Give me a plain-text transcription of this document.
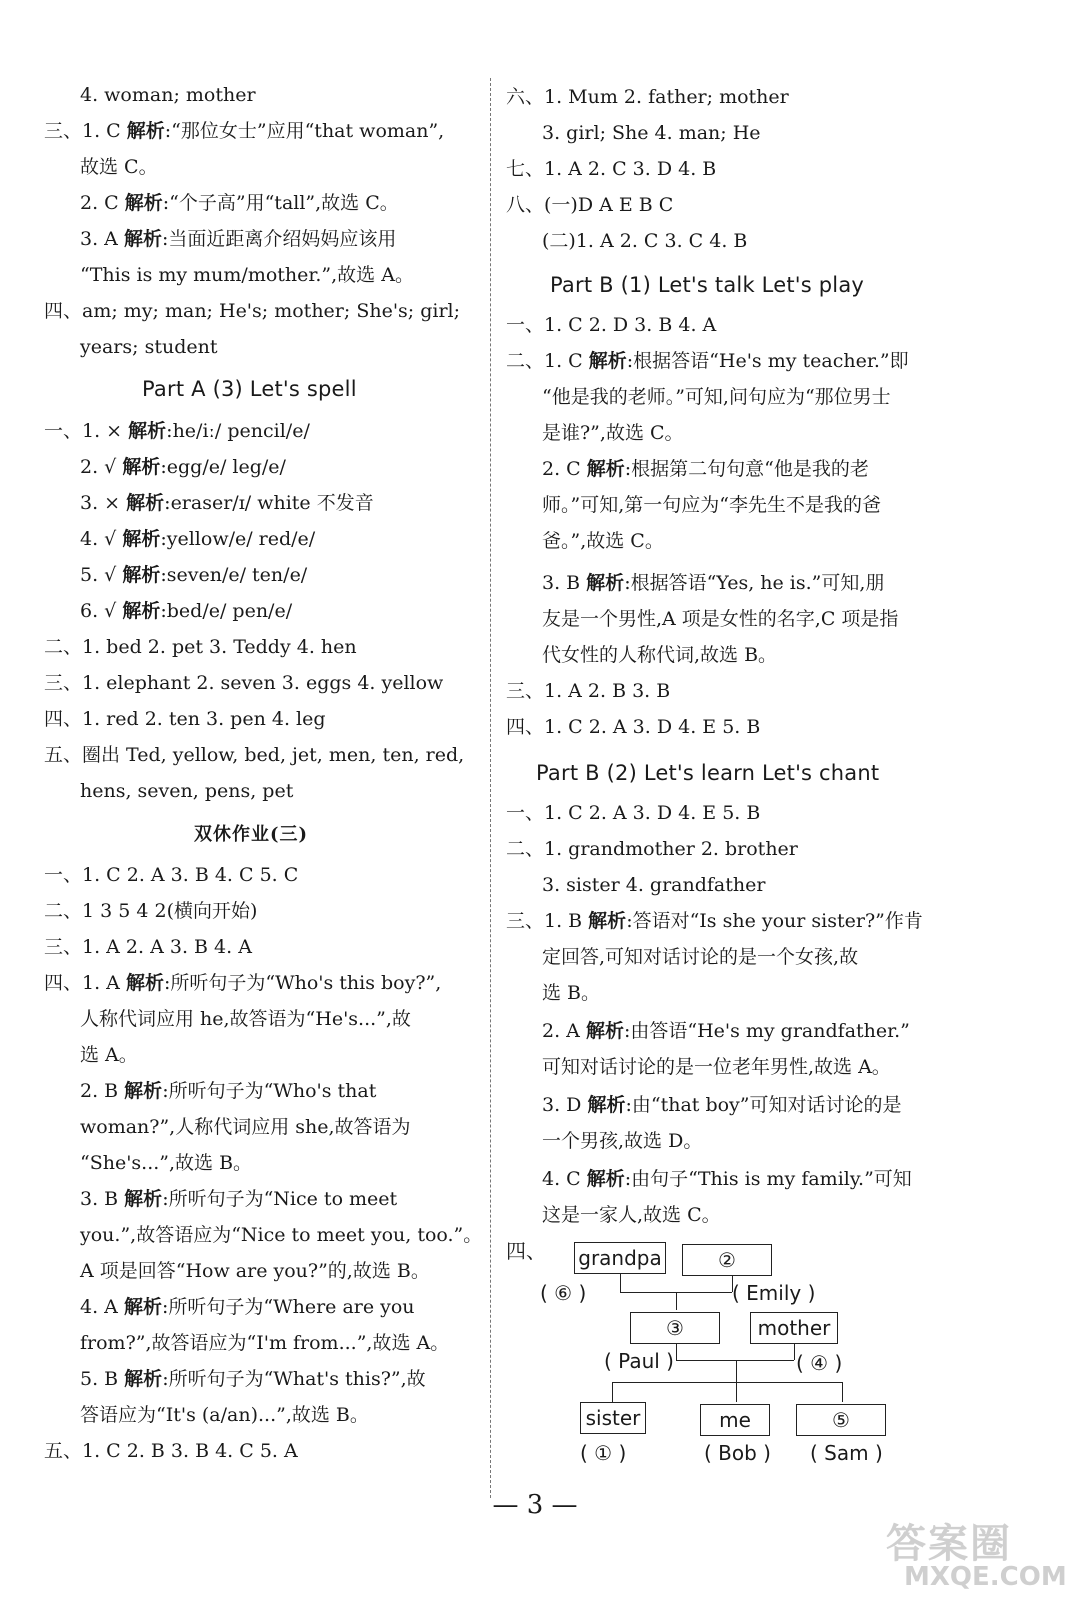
4. woman; mother
三、1. C 解析:“那位女士”应用“that woman”,
故选 C。
2. C 解析:“个子高”用“tall”,故选 C。
3. A 解析:当面近距离介绍妈妈应该用
“This is my mum/mother.”,故选 A。
四、am; my; man; He's; mother; She's; girl;
years; student
Part A (3) Let's spell
一、1. × 解析:he/iː/ pencil/e/
2. √ 解析:egg/e/ leg/e/
3. × 解析:eraser/ɪ/ white 不发音
4. √ 解析:yellow/e/ red/e/
5. √ 解析:seven/e/ ten/e/
6. √ 解析:bed/e/ pen/e/
二、1. bed 2. pet 3. Teddy 4. hen
三、1. elephant 2. seven 3. eggs 4. yellow
四、1. red 2. ten 3. pen 4. leg
五、圈出 Ted, yellow, bed, jet, men, ten, red,
hens, seven, pens, pet
双休作业(三)
一、1. C 2. A 3. B 4. C 5. C
二、1 3 5 4 2(横向开始)
三、1. A 2. A 3. B 4. A
四、1. A 解析:所听句子为“Who's this boy?”,
人称代词应用 he,故答语为“He's...”,故
选 A。
2. B 解析:所听句子为“Who's that
woman?”,人称代词应用 she,故答语为
“She's...”,故选 B。
3. B 解析:所听句子为“Nice to meet
you.”,故答语应为“Nice to meet you, too.”。
A 项是回答“How are you?”的,故选 B。
4. A 解析:所听句子为“Where are you
from?”,故答语应为“I'm from...”,故选 A。
5. B 解析:所听句子为“What's this?”,故
答语应为“It's (a/an)...”,故选 B。
五、1. C 2. B 3. B 4. C 5. A
六、1. Mum 2. father; mother
3. girl; She 4. man; He
七、1. A 2. C 3. D 4. B
八、(一)D A E B C
(二)1. A 2. C 3. C 4. B
Part B (1) Let's talk Let's play
一、1. C 2. D 3. B 4. A
二、1. C 解析:根据答语“He's my teacher.”即
“他是我的老师。”可知,问句应为“那位男士
是谁?”,故选 C。
2. C 解析:根据第二句句意“他是我的老
师。”可知,第一句应为“李先生不是我的爸
爸。”,故选 C。
3. B 解析:根据答语“Yes, he is.”可知,朋
友是一个男性,A 项是女性的名字,C 项是指
代女性的人称代词,故选 B。
三、1. A 2. B 3. B
四、1. C 2. A 3. D 4. E 5. B
Part B (2) Let's learn Let's chant
一、1. C 2. A 3. D 4. E 5. B
二、1. grandmother 2. brother
3. sister 4. grandfather
三、1. B 解析:答语对“Is she your sister?”作肯
定回答,可知对话讨论的是一个女孩,故
选 B。
2. A 解析:由答语“He's my grandfather.”
可知对话讨论的是一位老年男性,故选 A。
3. D 解析:由“that boy”可知对话讨论的是
一个男孩,故选 D。
4. C 解析:由句子“This is my family.”可知
这是一家人,故选 C。
四、 grandpa	②
( ⑥ )	( Emily )
③	mother
( Paul )	( ④ )
sister	me	⑤
( ① )	( Bob ) ( Sam )
— 3 —
答案圈
MXQE.COM
